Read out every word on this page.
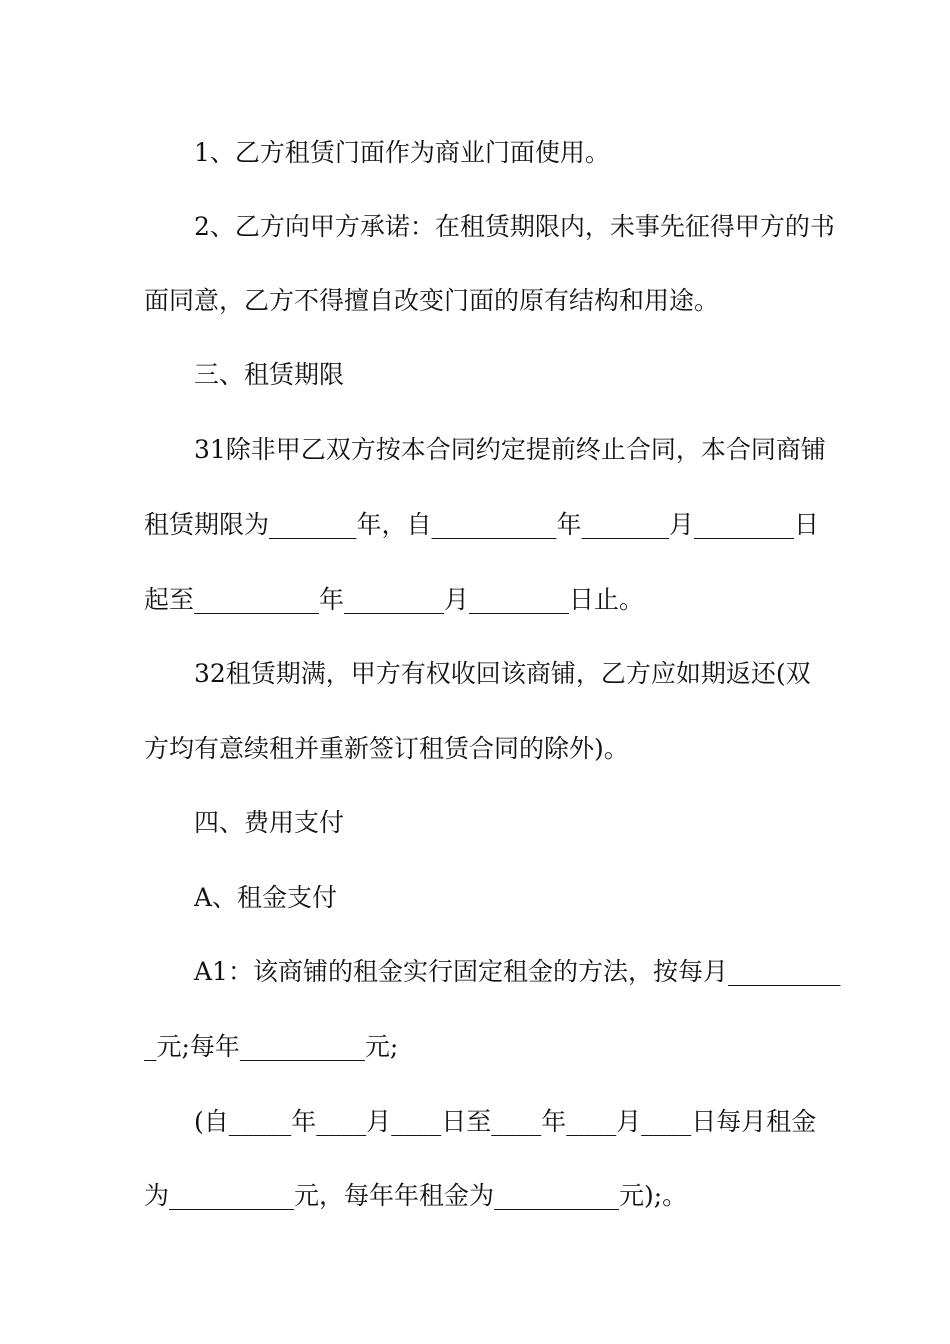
1、乙方租赁门面作为商业门面使用。
2、乙方向甲方承诺：在租赁期限内，未事先征得甲方的书
面同意，乙方不得擅自改变门面的原有结构和用途。
三、租赁期限
31除非甲乙双方按本合同约定提前终止合同，本合同商铺
租赁期限为_______年，自__________年_______月________日
起至__________年________月________日止。
32租赁期满，甲方有权收回该商铺，乙方应如期返还(双
方均有意续租并重新签订租赁合同的除外)。
四、费用支付
A、租金支付
A1：该商铺的租金实行固定租金的方法，按每月_________
_元;每年__________元;
(自_____年____月____日至____年____月____日每月租金
为__________元，每年年租金为__________元);。
